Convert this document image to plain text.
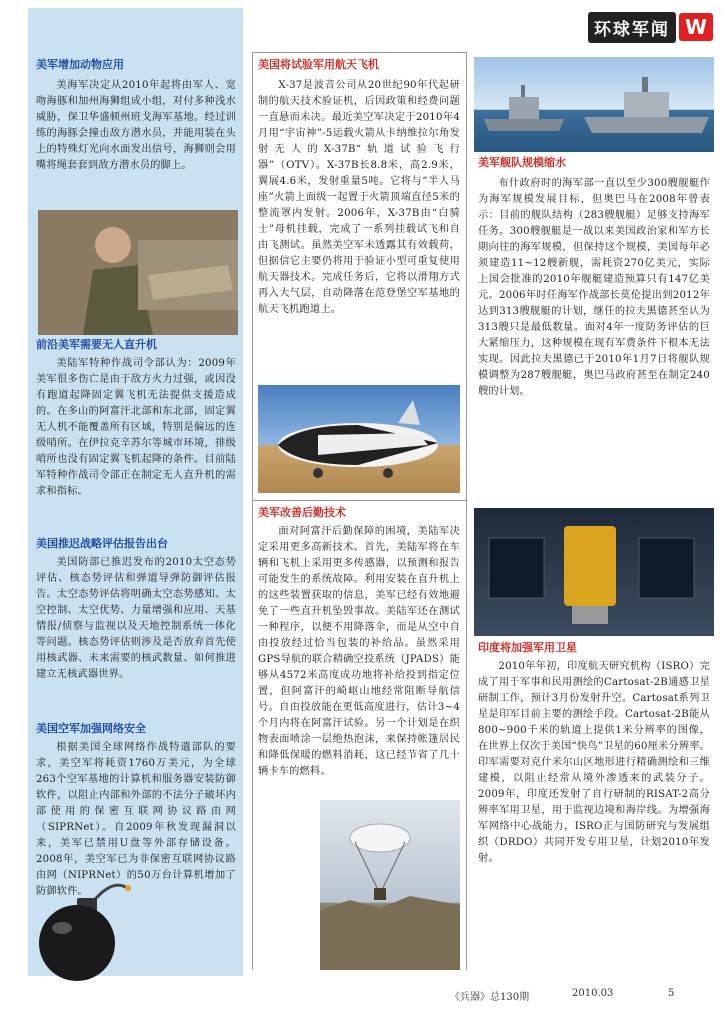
美军增加动物应用

美海军决定从2010年起将由军人、宽吻海豚和加州海狮组成小组，对付多种浅水威胁，保卫华盛顿州班戈海军基地。经过训练的海豚会撞击敌方潜水员，并能用装在头上的特殊灯光向水面发出信号，海狮则会用嘴将绳套套到敌方潜水员的脚上。

前沿美军需要无人直升机

美陆军特种作战司令部认为：2009年美军很多伤亡是由于敌方火力过强，或因没有跑道起降固定翼飞机无法提供支援造成的。在多山的阿富汗北部和东北部，固定翼无人机不能覆盖所有区域，特别是偏远的连级哨所。在伊拉克辛苏尔等城市环境，排级哨所也没有固定翼飞机起降的条件。目前陆军特种作战司令部正在制定无人直升机的需求和指标。

美国推迟战略评估报告出台

美国防部已推迟发布的2010太空态势评估、核态势评估和弹道导弹防御评估报告。太空态势评估将明确太空态势感知、太空控制、太空优势、力量增强和应用、天基情报/侦察与监视以及天地控制系统一体化等问题。核态势评估则涉及是否放弃首先使用核武器、未来需要的核武数量、如何推进建立无核武器世界。

美国空军加强网络安全

根据美国全球网络作战特遣部队的要求，美空军将耗资1760万美元，为全球263个空军基地的计算机和服务器安装防御软件，以阻止内部和外部的不法分子破坏内部使用的保密互联网协议路由网（SIPRNet）。自2009年秋发现漏洞以来，美军已禁用U盘等外部存储设备。2008年，美空军已为非保密互联网协议路由网（NIPRNet）的50万台计算机增加了防御软件。

环球军闻 W

美国将试验军用航天飞机

X-37是波音公司从20世纪90年代起研制的航天技术验证机，后因政策和经费问题一直悬而未决。最近美空军决定于2010年4月用“宇宙神”-5运载火箭从卡纳维拉尔角发射无人的X-37B“轨道试验飞行器”（OTV）。X-37B长8.8米，高2.9米，翼展4.6米，发射重量5吨。它将与“半人马座”火箭上面级一起置于火箭顶端直径5米的整流罩内发射。2006年，X-37B由“白骑士”母机挂载，完成了一系列挂载试飞和自由飞测试。虽然美空军未透露其有效载荷，但据信它主要仍将用于验证小型可重复使用航天器技术。完成任务后，它将以滑翔方式再入大气层，自动降落在范登堡空军基地的航天飞机跑道上。

美军改善后勤技术

面对阿富汗后勤保障的困境，美陆军决定采用更多高新技术。首先，美陆军将在车辆和飞机上采用更多传感器，以预测和报告可能发生的系统故障。利用安装在直升机上的这些装置获取的信息，美军已经有效地避免了一些直升机坠毁事故。美陆军还在测试一种程序，以便不用降落伞，而是从空中自由投放经过恰当包装的补给品。虽然采用GPS导航的联合精确空投系统（JPADS）能够从4572米高度成功地将补给投到指定位置，但阿富汗的崎岖山地经常阻断导航信号。自由投放能在更低高度进行，估计3~4个月内将在阿富汗试验。另一个计划是在织物表面喷涂一层绝热泡沫，来保持帐篷居民和降低保暖的燃料消耗，这已经节省了几十辆卡车的燃料。

美军舰队规模缩水

布什政府时的海军部一直以至少300艘舰艇作为海军规模发展目标，但奥巴马在2008年曾表示：目前的舰队结构（283艘舰艇）足够支持海军任务。300艘舰艇是一战以来美国政治家和军方长期向往的海军规模，但保持这个规模，美国每年必须建造11~12艘新舰，需耗资270亿美元，实际上国会批准的2010年舰艇建造预算只有147亿美元。2006年时任海军作战部长莫伦提出到2012年达到313艘舰艇的计划，继任的拉夫黑德甚至认为313艘只是最低数量。面对4年一度防务评估的巨大紧缩压力，这种规模在现有军费条件下根本无法实现。因此拉夫黑德已于2010年1月7日将舰队规模调整为287艘舰艇，奥巴马政府甚至在制定240艘的计划。

印度将加强军用卫星

2010年年初，印度航天研究机构（ISRO）完成了用于军事和民用测绘的Cartosat-2B通感卫星研制工作，预计3月份发射升空。Cartosat系列卫星是印军目前主要的测绘手段。Cartosat-2B能从800~900千米的轨道上提供1米分辨率的图像，在世界上仅次于美国“快鸟”卫星的60厘米分辨率。印军需要对克什米尔山区地形进行精确测绘和三维建模，以阻止经常从境外渗透来的武装分子。2009年，印度还发射了自行研制的RISAT-2高分辨率军用卫星，用于监视边境和海岸线。为增强海军网络中心战能力，ISRO正与国防研究与发展组织（DRDO）共同开发专用卫星，计划2010年发射。

《兵器》总130期	2010.03	5
